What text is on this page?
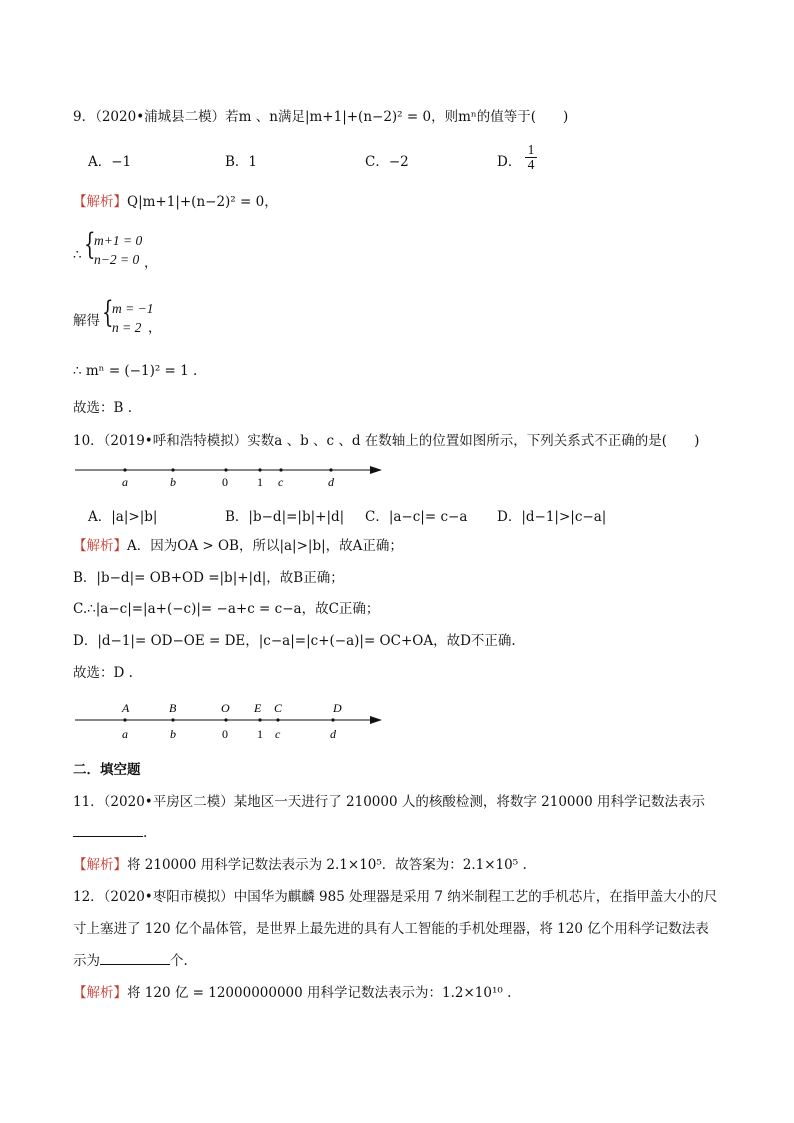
9．（2020•浦城县二模）若m 、n满足|m+1|+(n−2)² = 0，则mⁿ的值等于(　　)
A．−1	B．1	C．−2	D． $\frac{1}{4}$
【解析】Q|m+1|+(n−2)² = 0，
∴ {
m+1 = 0
n−2 = 0 ，
解得 {
m = −1
n = 2 ，
∴ mⁿ = (−1)² = 1 .
故选：B .
10．（2019•呼和浩特模拟）实数a 、b 、c 、d 在数轴上的位置如图所示，下列关系式不正确的是(　　)
a	b	0 1 c	d
A．|a|>|b|	B．|b−d|=|b|+|d| C．|a−c|= c−a D．|d−1|>|c−a|
【解析】A．因为OA > OB，所以|a|>|b|，故A正确；
B．|b−d|= OB+OD =|b|+|d|，故B正确；
C.∴|a−c|=|a+(−c)|= −a+c = c−a，故C正确；
D．|d−1|= OD−OE = DE，|c−a|=|c+(−a)|= OC+OA，故D不正确.
故选：D .
A	B	O E C	D
a	b	0 1 c	d
二．填空题
11．（2020•平房区二模）某地区一天进行了 210000 人的核酸检测，将数字 210000 用科学记数法表示
.
【解析】将 210000 用科学记数法表示为 2.1×10⁵．故答案为：2.1×10⁵ .
12．（2020•枣阳市模拟）中国华为麒麟 985 处理器是采用 7 纳米制程工艺的手机芯片，在指甲盖大小的尺
寸上塞进了 120 亿个晶体管，是世界上最先进的具有人工智能的手机处理器，将 120 亿个用科学记数法表
示为	个.
【解析】将 120 亿 = 12000000000 用科学记数法表示为：1.2×10¹⁰ .
